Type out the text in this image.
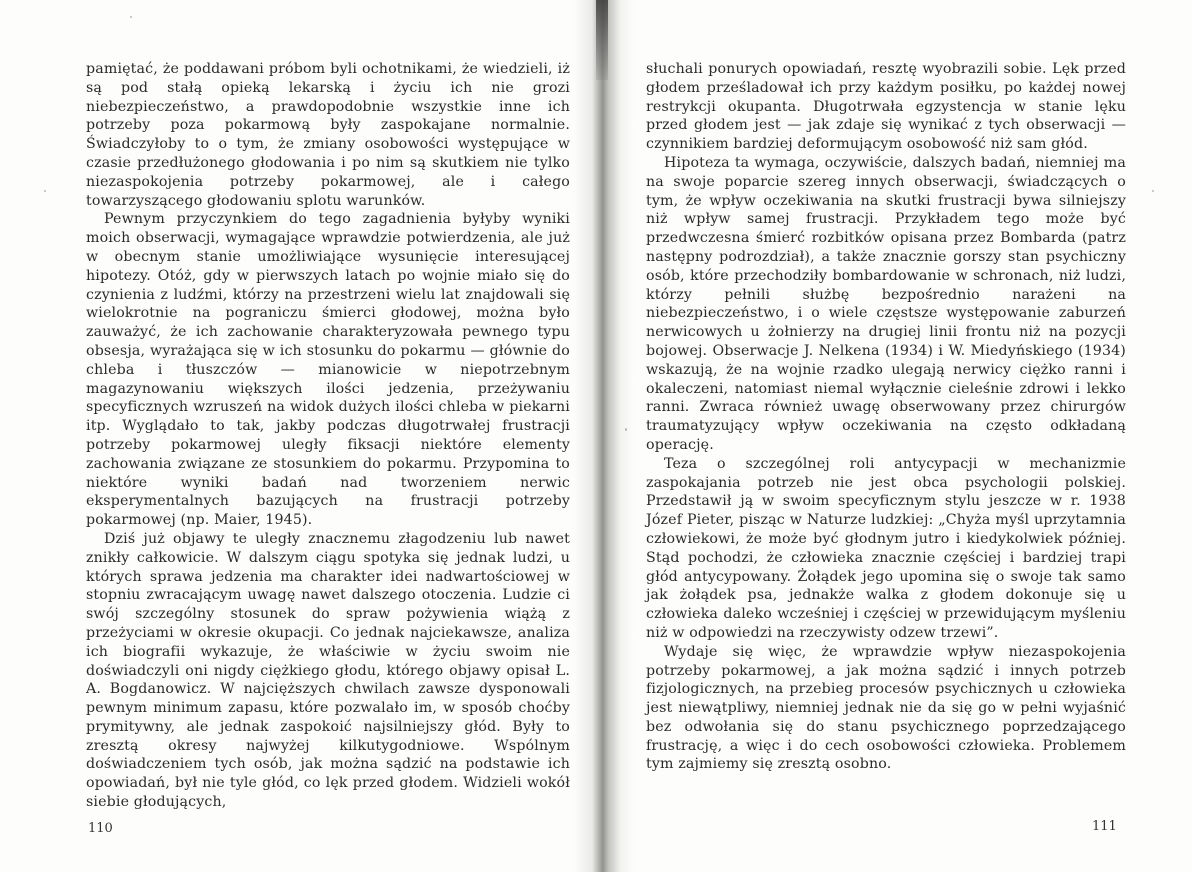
pamiętać, że poddawani próbom byli ochotnikami, że wiedzieli, iż są pod stałą opieką lekarską i życiu ich nie grozi niebezpieczeństwo, a prawdopodobnie wszystkie inne ich potrzeby poza pokarmową były zaspokajane normalnie. Świadczyłoby to o tym, że zmiany osobowości występujące w czasie przedłużonego głodowania i po nim są skutkiem nie tylko niezaspokojenia potrzeby pokarmowej, ale i całego towarzyszącego głodowaniu splotu warunków.

Pewnym przyczynkiem do tego zagadnienia byłyby wyniki moich obserwacji, wymagające wprawdzie potwierdzenia, ale już w obecnym stanie umożliwiające wysunięcie interesującej hipotezy. Otóż, gdy w pierwszych latach po wojnie miało się do czynienia z ludźmi, którzy na przestrzeni wielu lat znajdowali się wielokrotnie na pograniczu śmierci głodowej, można było zauważyć, że ich zachowanie charakteryzowała pewnego typu obsesja, wyrażająca się w ich stosunku do pokarmu — głównie do chleba i tłuszczów — mianowicie w niepotrzebnym magazynowaniu większych ilości jedzenia, przeżywaniu specyficznych wzruszeń na widok dużych ilości chleba w piekarni itp. Wyglądało to tak, jakby podczas długotrwałej frustracji potrzeby pokarmowej uległy fiksacji niektóre elementy zachowania związane ze stosunkiem do pokarmu. Przypomina to niektóre wyniki badań nad tworzeniem nerwic eksperymentalnych bazujących na frustracji potrzeby pokarmowej (np. Maier, 1945).

Dziś już objawy te uległy znacznemu złagodzeniu lub nawet znikły całkowicie. W dalszym ciągu spotyka się jednak ludzi, u których sprawa jedzenia ma charakter idei nadwartościowej w stopniu zwracającym uwagę nawet dalszego otoczenia. Ludzie ci swój szczególny stosunek do spraw pożywienia wiążą z przeżyciami w okresie okupacji. Co jednak najciekawsze, analiza ich biografii wykazuje, że właściwie w życiu swoim nie doświadczyli oni nigdy ciężkiego głodu, którego objawy opisał L. A. Bogdanowicz. W najcięższych chwilach zawsze dysponowali pewnym minimum zapasu, które pozwalało im, w sposób choćby prymitywny, ale jednak zaspokoić najsilniejszy głód. Były to zresztą okresy najwyżej kilkutygodniowe. Wspólnym doświadczeniem tych osób, jak można sądzić na podstawie ich opowiadań, był nie tyle głód, co lęk przed głodem. Widzieli wokół siebie głodujących,

110

słuchali ponurych opowiadań, resztę wyobrazili sobie. Lęk przed głodem prześladował ich przy każdym posiłku, po każdej nowej restrykcji okupanta. Długotrwała egzystencja w stanie lęku przed głodem jest — jak zdaje się wynikać z tych obserwacji — czynnikiem bardziej deformującym osobowość niż sam głód.

Hipoteza ta wymaga, oczywiście, dalszych badań, niemniej ma na swoje poparcie szereg innych obserwacji, świadczących o tym, że wpływ oczekiwania na skutki frustracji bywa silniejszy niż wpływ samej frustracji. Przykładem tego może być przedwczesna śmierć rozbitków opisana przez Bombarda (patrz następny podrozdział), a także znacznie gorszy stan psychiczny osób, które przechodziły bombardowanie w schronach, niż ludzi, którzy pełnili służbę bezpośrednio narażeni na niebezpieczeństwo, i o wiele częstsze występowanie zaburzeń nerwicowych u żołnierzy na drugiej linii frontu niż na pozycji bojowej. Obserwacje J. Nelkena (1934) i W. Miedyńskiego (1934) wskazują, że na wojnie rzadko ulegają nerwicy ciężko ranni i okaleczeni, natomiast niemal wyłącznie cieleśnie zdrowi i lekko ranni. Zwraca również uwagę obserwowany przez chirurgów traumatyzujący wpływ oczekiwania na często odkładaną operację.

Teza o szczególnej roli antycypacji w mechanizmie zaspokajania potrzeb nie jest obca psychologii polskiej. Przedstawił ją w swoim specyficznym stylu jeszcze w r. 1938 Józef Pieter, pisząc w Naturze ludzkiej: „Chyża myśl uprzytamnia człowiekowi, że może być głodnym jutro i kiedykolwiek później. Stąd pochodzi, że człowieka znacznie częściej i bardziej trapi głód antycypowany. Żołądek jego upomina się o swoje tak samo jak żołądek psa, jednakże walka z głodem dokonuje się u człowieka daleko wcześniej i częściej w przewidującym myśleniu niż w odpowiedzi na rzeczywisty odzew trzewi”.

Wydaje się więc, że wprawdzie wpływ niezaspokojenia potrzeby pokarmowej, a jak można sądzić i innych potrzeb fizjologicznych, na przebieg procesów psychicznych u człowieka jest niewątpliwy, niemniej jednak nie da się go w pełni wyjaśnić bez odwołania się do stanu psychicznego poprzedzającego frustrację, a więc i do cech osobowości człowieka. Problemem tym zajmiemy się zresztą osobno.

111
